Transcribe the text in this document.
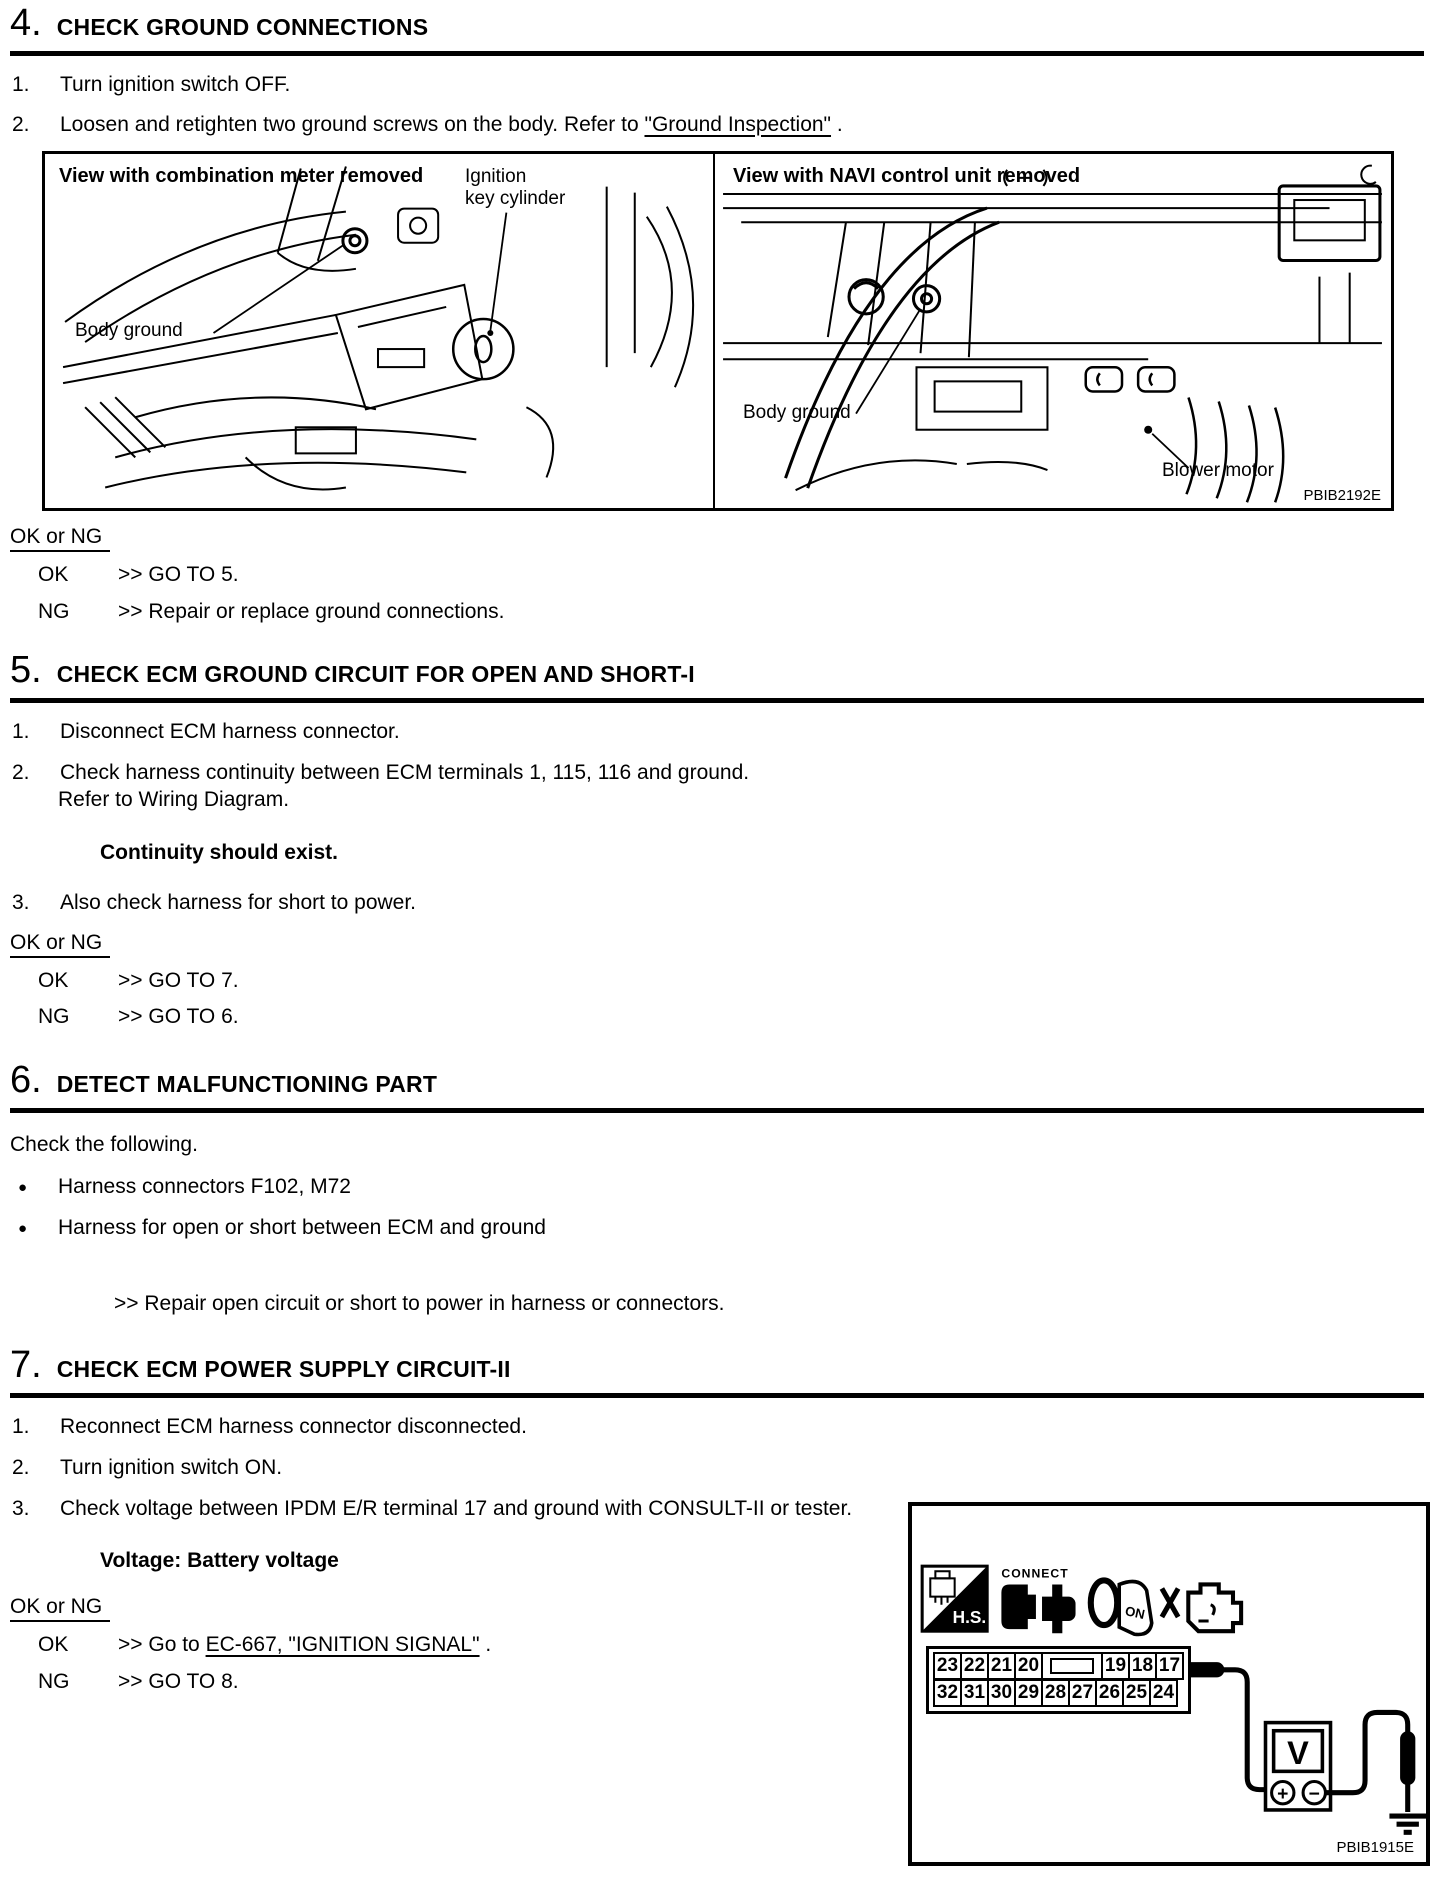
4. CHECK GROUND CONNECTIONS
1.	Turn ignition switch OFF.
2.	Loosen and retighten two ground screws on the body. Refer to "Ground Inspection" .
View with combination meter removed Ignition
key cylinder
Body ground
View with NAVI control unit removed
Body ground
Blower motor
PBIB2192E
OK or NG
OK	>> GO TO 5.
NG	>> Repair or replace ground connections.
5. CHECK ECM GROUND CIRCUIT FOR OPEN AND SHORT-I
1.	Disconnect ECM harness connector.
2.	Check harness continuity between ECM terminals 1, 115, 116 and ground.
Refer to Wiring Diagram.
Continuity should exist.
3.	Also check harness for short to power.
OK or NG
OK	>> GO TO 7.
NG	>> GO TO 6.
6. DETECT MALFUNCTIONING PART
Check the following.
●	Harness connectors F102, M72
●	Harness for open or short between ECM and ground
>> Repair open circuit or short to power in harness or connectors.
7. CHECK ECM POWER SUPPLY CIRCUIT-II
1.	Reconnect ECM harness connector disconnected.
2.	Turn ignition switch ON.
3.	Check voltage between IPDM E/R terminal 17 and ground with CONSULT-II or tester.
Voltage: Battery voltage
OK or NG
OK	>> Go to EC-667, "IGNITION SIGNAL" .
NG	>> GO TO 8.
H.S.
CONNECT
ON
V
+ −
23 22 21 20	19 18 17
32 31 30 29 28 27 26 25 24
PBIB1915E
